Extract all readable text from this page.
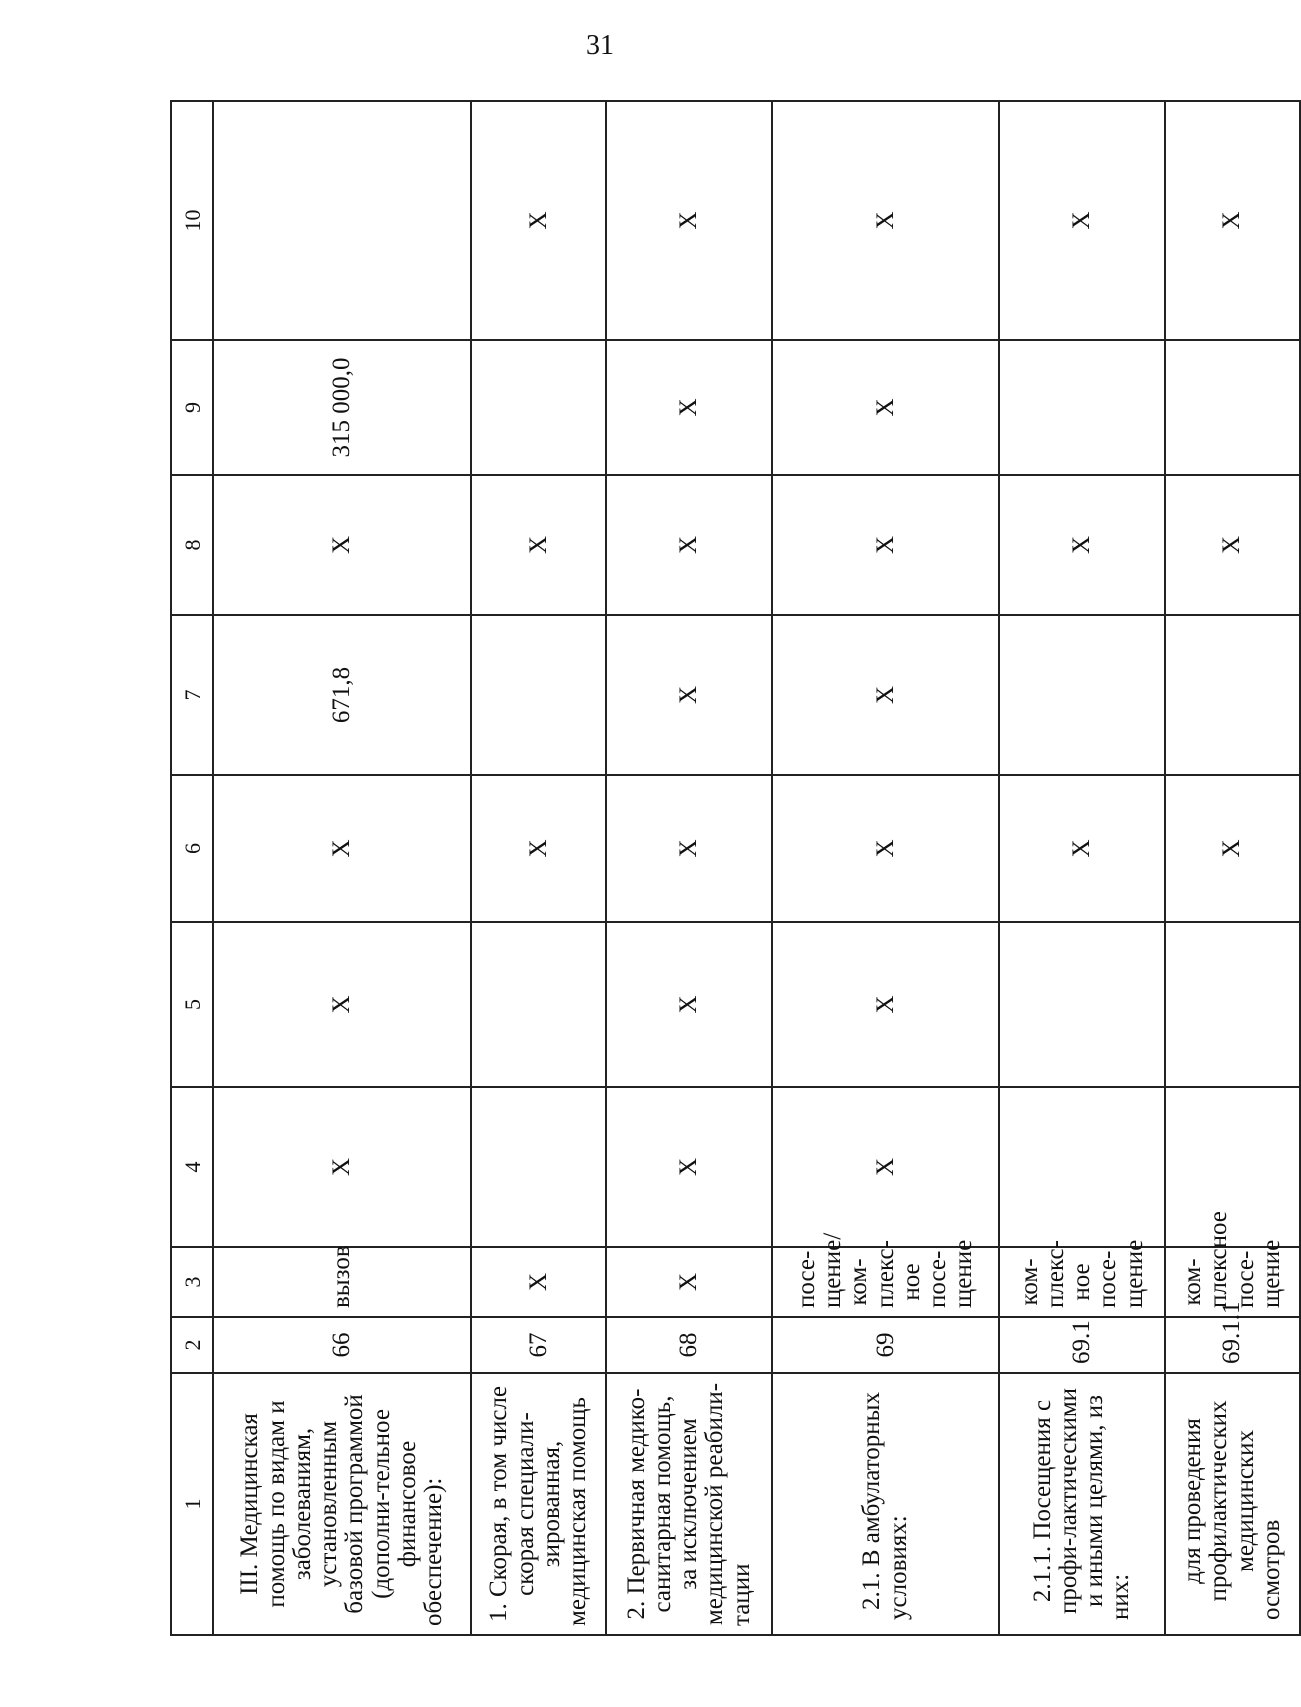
31
1	2	3	4	5	6	7	8	9	10
III. Медицинская помощь по видам и заболеваниям, установленным базовой программой (дополни-тельное финансовое обеспечение):	66	вызов	Х	Х	Х	671,8	Х	315 000,0	
1. Скорая, в том числе скорая специали-зированная, медицинская помощь	67	Х			Х		Х		Х
2. Первичная медико-санитарная помощь, за исключением медицинской реабили-тации	68	Х	Х	Х	Х	Х	Х	Х	Х
2.1. В амбулаторных условиях:	69	посе-щение/ ком-плекс-ное посе-щение	Х	Х	Х	Х	Х	Х	Х
2.1.1. Посещения с профи-лактическими и иными целями, из них:	69.1	ком-плекс-ное посе-щение			Х		Х		Х
для проведения профилактических медицинских осмотров	69.1.1	ком-плексное посе-щение			Х		Х		Х
